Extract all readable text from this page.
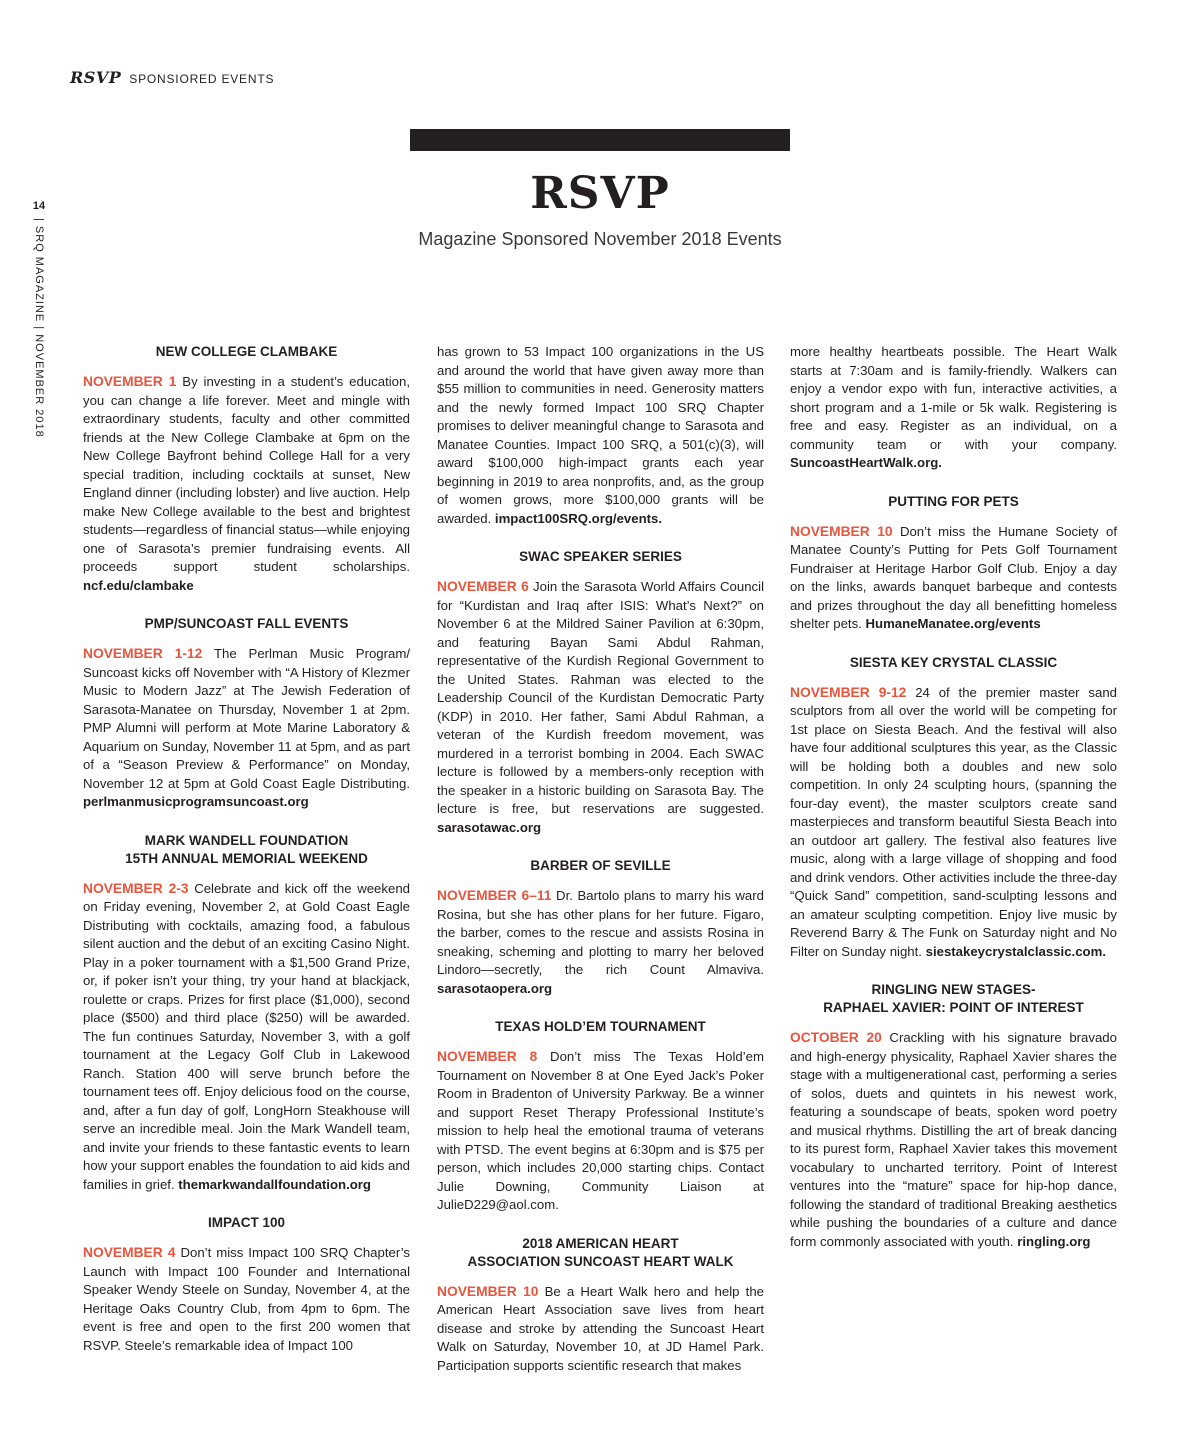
RSVP SPONSIORED EVENTS
14
| SRQ MAGAZINE | NOVEMBER 2018
RSVP
Magazine Sponsored November 2018 Events
NEW COLLEGE CLAMBAKE

NOVEMBER 1 By investing in a student’s education, you can change a life forever. Meet and mingle with extraordinary students, faculty and other committed friends at the New College Clambake at 6pm on the New College Bayfront behind College Hall for a very special tradition, including cocktails at sunset, New England dinner (including lobster) and live auction. Help make New College available to the best and brightest students—regardless of financial status—while enjoying one of Sarasota’s premier fundraising events. All proceeds support student scholarships. ncf.edu/clambake

PMP/SUNCOAST FALL EVENTS

NOVEMBER 1-12 The Perlman Music Program/ Suncoast kicks off November with “A History of Klezmer Music to Modern Jazz” at The Jewish Federation of Sarasota-Manatee on Thursday, November 1 at 2pm. PMP Alumni will perform at Mote Marine Laboratory & Aquarium on Sunday, November 11 at 5pm, and as part of a “Season Preview & Performance” on Monday, November 12 at 5pm at Gold Coast Eagle Distributing. perlmanmusicprogramsuncoast.org

MARK WANDELL FOUNDATION
15TH ANNUAL MEMORIAL WEEKEND

NOVEMBER 2-3 Celebrate and kick off the weekend on Friday evening, November 2, at Gold Coast Eagle Distributing with cocktails, amazing food, a fabulous silent auction and the debut of an exciting Casino Night. Play in a poker tournament with a $1,500 Grand Prize, or, if poker isn’t your thing, try your hand at blackjack, roulette or craps. Prizes for first place ($1,000), second place ($500) and third place ($250) will be awarded. The fun continues Saturday, November 3, with a golf tournament at the Legacy Golf Club in Lakewood Ranch. Station 400 will serve brunch before the tournament tees off. Enjoy delicious food on the course, and, after a fun day of golf, LongHorn Steakhouse will serve an incredible meal. Join the Mark Wandell team, and invite your friends to these fantastic events to learn how your support enables the foundation to aid kids and families in grief. themarkwandallfoundation.org

IMPACT 100

NOVEMBER 4 Don’t miss Impact 100 SRQ Chapter’s Launch with Impact 100 Founder and International Speaker Wendy Steele on Sunday, November 4, at the Heritage Oaks Country Club, from 4pm to 6pm. The event is free and open to the first 200 women that RSVP. Steele’s remarkable idea of Impact 100

has grown to 53 Impact 100 organizations in the US and around the world that have given away more than $55 million to communities in need. Generosity matters and the newly formed Impact 100 SRQ Chapter promises to deliver meaningful change to Sarasota and Manatee Counties. Impact 100 SRQ, a 501(c)(3), will award $100,000 high-impact grants each year beginning in 2019 to area nonprofits, and, as the group of women grows, more $100,000 grants will be awarded. impact100SRQ.org/events.

SWAC SPEAKER SERIES

NOVEMBER 6 Join the Sarasota World Affairs Council for “Kurdistan and Iraq after ISIS: What’s Next?” on November 6 at the Mildred Sainer Pavilion at 6:30pm, and featuring Bayan Sami Abdul Rahman, representative of the Kurdish Regional Government to the United States. Rahman was elected to the Leadership Council of the Kurdistan Democratic Party (KDP) in 2010. Her father, Sami Abdul Rahman, a veteran of the Kurdish freedom movement, was murdered in a terrorist bombing in 2004. Each SWAC lecture is followed by a members-only reception with the speaker in a historic building on Sarasota Bay. The lecture is free, but reservations are suggested. sarasotawac.org

BARBER OF SEVILLE

NOVEMBER 6–11 Dr. Bartolo plans to marry his ward Rosina, but she has other plans for her future. Figaro, the barber, comes to the rescue and assists Rosina in sneaking, scheming and plotting to marry her beloved Lindoro—secretly, the rich Count Almaviva. sarasotaopera.org

TEXAS HOLD’EM TOURNAMENT

NOVEMBER 8 Don’t miss The Texas Hold’em Tournament on November 8 at One Eyed Jack’s Poker Room in Bradenton of University Parkway. Be a winner and support Reset Therapy Professional Institute’s mission to help heal the emotional trauma of veterans with PTSD. The event begins at 6:30pm and is $75 per person, which includes 20,000 starting chips. Contact Julie Downing, Community Liaison at JulieD229@aol.com.

2018 AMERICAN HEART
ASSOCIATION SUNCOAST HEART WALK

NOVEMBER 10 Be a Heart Walk hero and help the American Heart Association save lives from heart disease and stroke by attending the Suncoast Heart Walk on Saturday, November 10, at JD Hamel Park. Participation supports scientific research that makes

more healthy heartbeats possible. The Heart Walk starts at 7:30am and is family-friendly. Walkers can enjoy a vendor expo with fun, interactive activities, a short program and a 1-mile or 5k walk. Registering is free and easy. Register as an individual, on a community team or with your company. SuncoastHeartWalk.org.

PUTTING FOR PETS

NOVEMBER 10 Don’t miss the Humane Society of Manatee County’s Putting for Pets Golf Tournament Fundraiser at Heritage Harbor Golf Club. Enjoy a day on the links, awards banquet barbeque and contests and prizes throughout the day all benefitting homeless shelter pets. HumaneManatee.org/events

SIESTA KEY CRYSTAL CLASSIC

NOVEMBER 9-12 24 of the premier master sand sculptors from all over the world will be competing for 1st place on Siesta Beach. And the festival will also have four additional sculptures this year, as the Classic will be holding both a doubles and new solo competition. In only 24 sculpting hours, (spanning the four-day event), the master sculptors create sand masterpieces and transform beautiful Siesta Beach into an outdoor art gallery. The festival also features live music, along with a large village of shopping and food and drink vendors. Other activities include the three-day “Quick Sand” competition, sand-sculpting lessons and an amateur sculpting competition. Enjoy live music by Reverend Barry & The Funk on Saturday night and No Filter on Sunday night. siestakeycrystalclassic.com.

RINGLING NEW STAGES-
RAPHAEL XAVIER: POINT OF INTEREST

OCTOBER 20 Crackling with his signature bravado and high-energy physicality, Raphael Xavier shares the stage with a multigenerational cast, performing a series of solos, duets and quintets in his newest work, featuring a soundscape of beats, spoken word poetry and musical rhythms. Distilling the art of break dancing to its purest form, Raphael Xavier takes this movement vocabulary to uncharted territory. Point of Interest ventures into the “mature” space for hip-hop dance, following the standard of traditional Breaking aesthetics while pushing the boundaries of a culture and dance form commonly associated with youth. ringling.org
